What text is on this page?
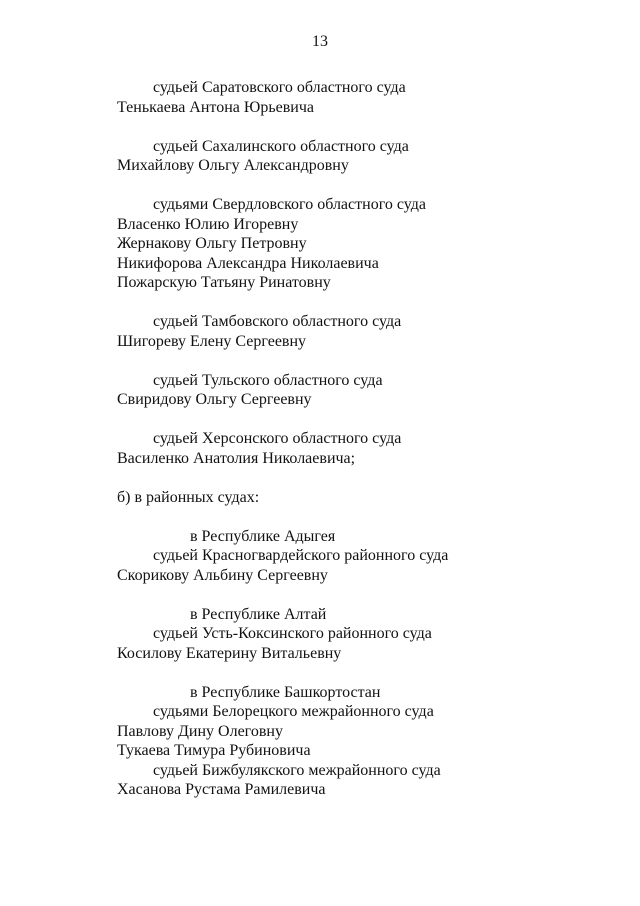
13
судьей Саратовского областного суда
Тенькаева Антона Юрьевича
судьей Сахалинского областного суда
Михайлову Ольгу Александровну
судьями Свердловского областного суда
Власенко Юлию Игоревну
Жернакову Ольгу Петровну
Никифорова Александра Николаевича
Пожарскую Татьяну Ринатовну
судьей Тамбовского областного суда
Шигореву Елену Сергеевну
судьей Тульского областного суда
Свиридову Ольгу Сергеевну
судьей Херсонского областного суда
Василенко Анатолия Николаевича;
б) в районных судах:
в Республике Адыгея
судьей Красногвардейского районного суда
Скорикову Альбину Сергеевну
в Республике Алтай
судьей Усть-Коксинского районного суда
Косилову Екатерину Витальевну
в Республике Башкортостан
судьями Белорецкого межрайонного суда
Павлову Дину Олеговну
Тукаева Тимура Рубиновича
судьей Бижбулякского межрайонного суда
Хасанова Рустама Рамилевича
